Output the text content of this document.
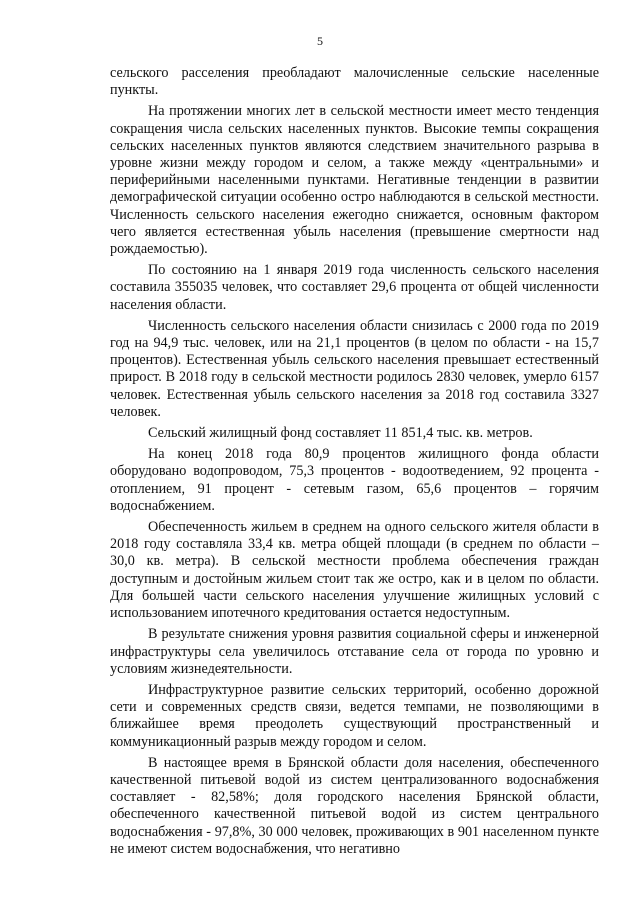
5

сельского расселения преобладают малочисленные сельские населенные пункты.

На протяжении многих лет в сельской местности имеет место тенденция сокращения числа сельских населенных пунктов. Высокие темпы сокращения сельских населенных пунктов являются следствием значительного разрыва в уровне жизни между городом и селом, а также между «центральными» и периферийными населенными пунктами. Негативные тенденции в развитии демографической ситуации особенно остро наблюдаются в сельской местности. Численность сельского населения ежегодно снижается, основным фактором чего является естественная убыль населения (превышение смертности над рождаемостью).

По состоянию на 1 января 2019 года численность сельского населения составила 355035 человек, что составляет 29,6 процента от общей численности населения области.

Численность сельского населения области снизилась с 2000 года по 2019 год на 94,9 тыс. человек, или на 21,1 процентов (в целом по области - на 15,7 процентов). Естественная убыль сельского населения превышает естественный прирост. В 2018 году в сельской местности родилось 2830 человек, умерло 6157 человек. Естественная убыль сельского населения за 2018 год составила 3327 человек.

Сельский жилищный фонд составляет 11 851,4 тыс. кв. метров.

На конец 2018 года 80,9 процентов жилищного фонда области оборудовано водопроводом, 75,3 процентов - водоотведением, 92 процента - отоплением, 91 процент - сетевым газом, 65,6 процентов – горячим водоснабжением.

Обеспеченность жильем в среднем на одного сельского жителя области в 2018 году составляла 33,4 кв. метра общей площади (в среднем по области – 30,0 кв. метра). В сельской местности проблема обеспечения граждан доступным и достойным жильем стоит так же остро, как и в целом по области. Для большей части сельского населения улучшение жилищных условий с использованием ипотечного кредитования остается недоступным.

В результате снижения уровня развития социальной сферы и инженерной инфраструктуры села увеличилось отставание села от города по уровню и условиям жизнедеятельности.

Инфраструктурное развитие сельских территорий, особенно дорожной сети и современных средств связи, ведется темпами, не позволяющими в ближайшее время преодолеть существующий пространственный и коммуникационный разрыв между городом и селом.

В настоящее время в Брянской области доля населения, обеспеченного качественной питьевой водой из систем централизованного водоснабжения составляет - 82,58%; доля городского населения Брянской области, обеспеченного качественной питьевой водой из систем центрального водоснабжения - 97,8%, 30 000 человек, проживающих в 901 населенном пункте не имеют систем водоснабжения, что негативно
